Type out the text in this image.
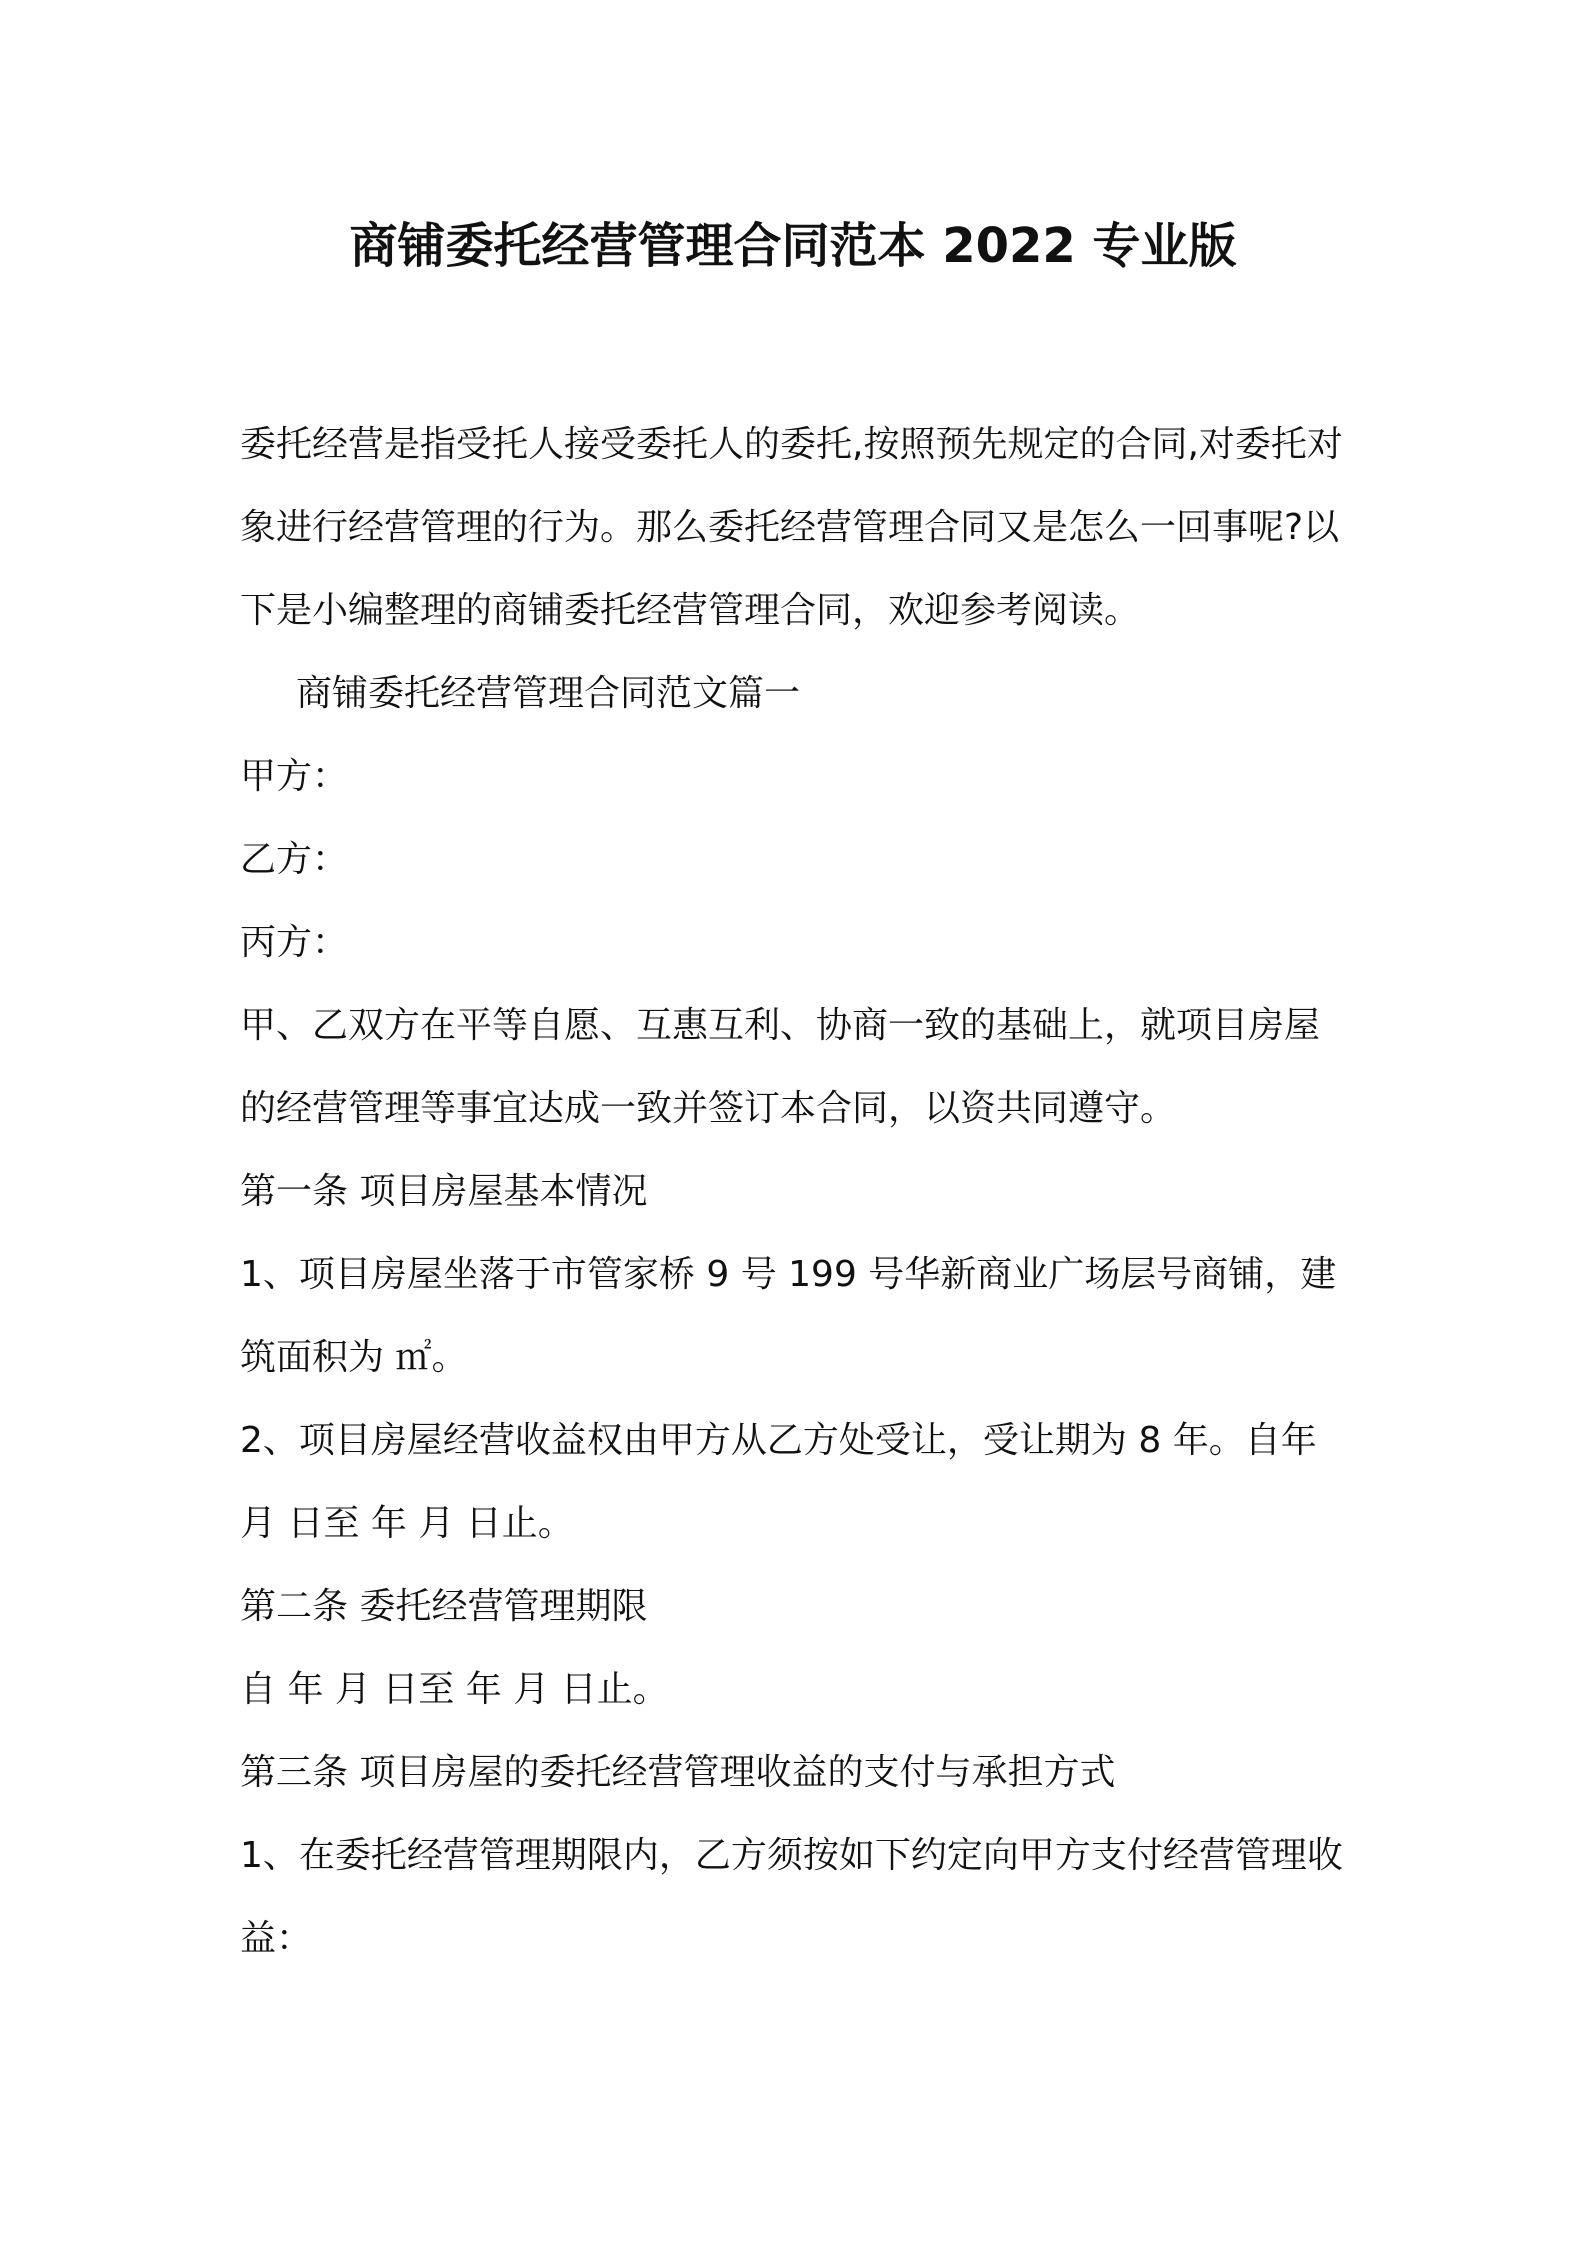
商铺委托经营管理合同范本 2022 专业版

委托经营是指受托人接受委托人的委托,按照预先规定的合同,对委托对象进行经营管理的行为。那么委托经营管理合同又是怎么一回事呢?以下是小编整理的商铺委托经营管理合同，欢迎参考阅读。

商铺委托经营管理合同范文篇一

甲方：

乙方：

丙方：

甲、乙双方在平等自愿、互惠互利、协商一致的基础上，就项目房屋的经营管理等事宜达成一致并签订本合同，以资共同遵守。

第一条 项目房屋基本情况

1、项目房屋坐落于市管家桥 9 号 199 号华新商业广场层号商铺，建筑面积为 ㎡。

2、项目房屋经营收益权由甲方从乙方处受让，受让期为 8 年。自年月 日至 年 月 日止。

第二条 委托经营管理期限

自 年 月 日至 年 月 日止。

第三条 项目房屋的委托经营管理收益的支付与承担方式

1、在委托经营管理期限内，乙方须按如下约定向甲方支付经营管理收益：
